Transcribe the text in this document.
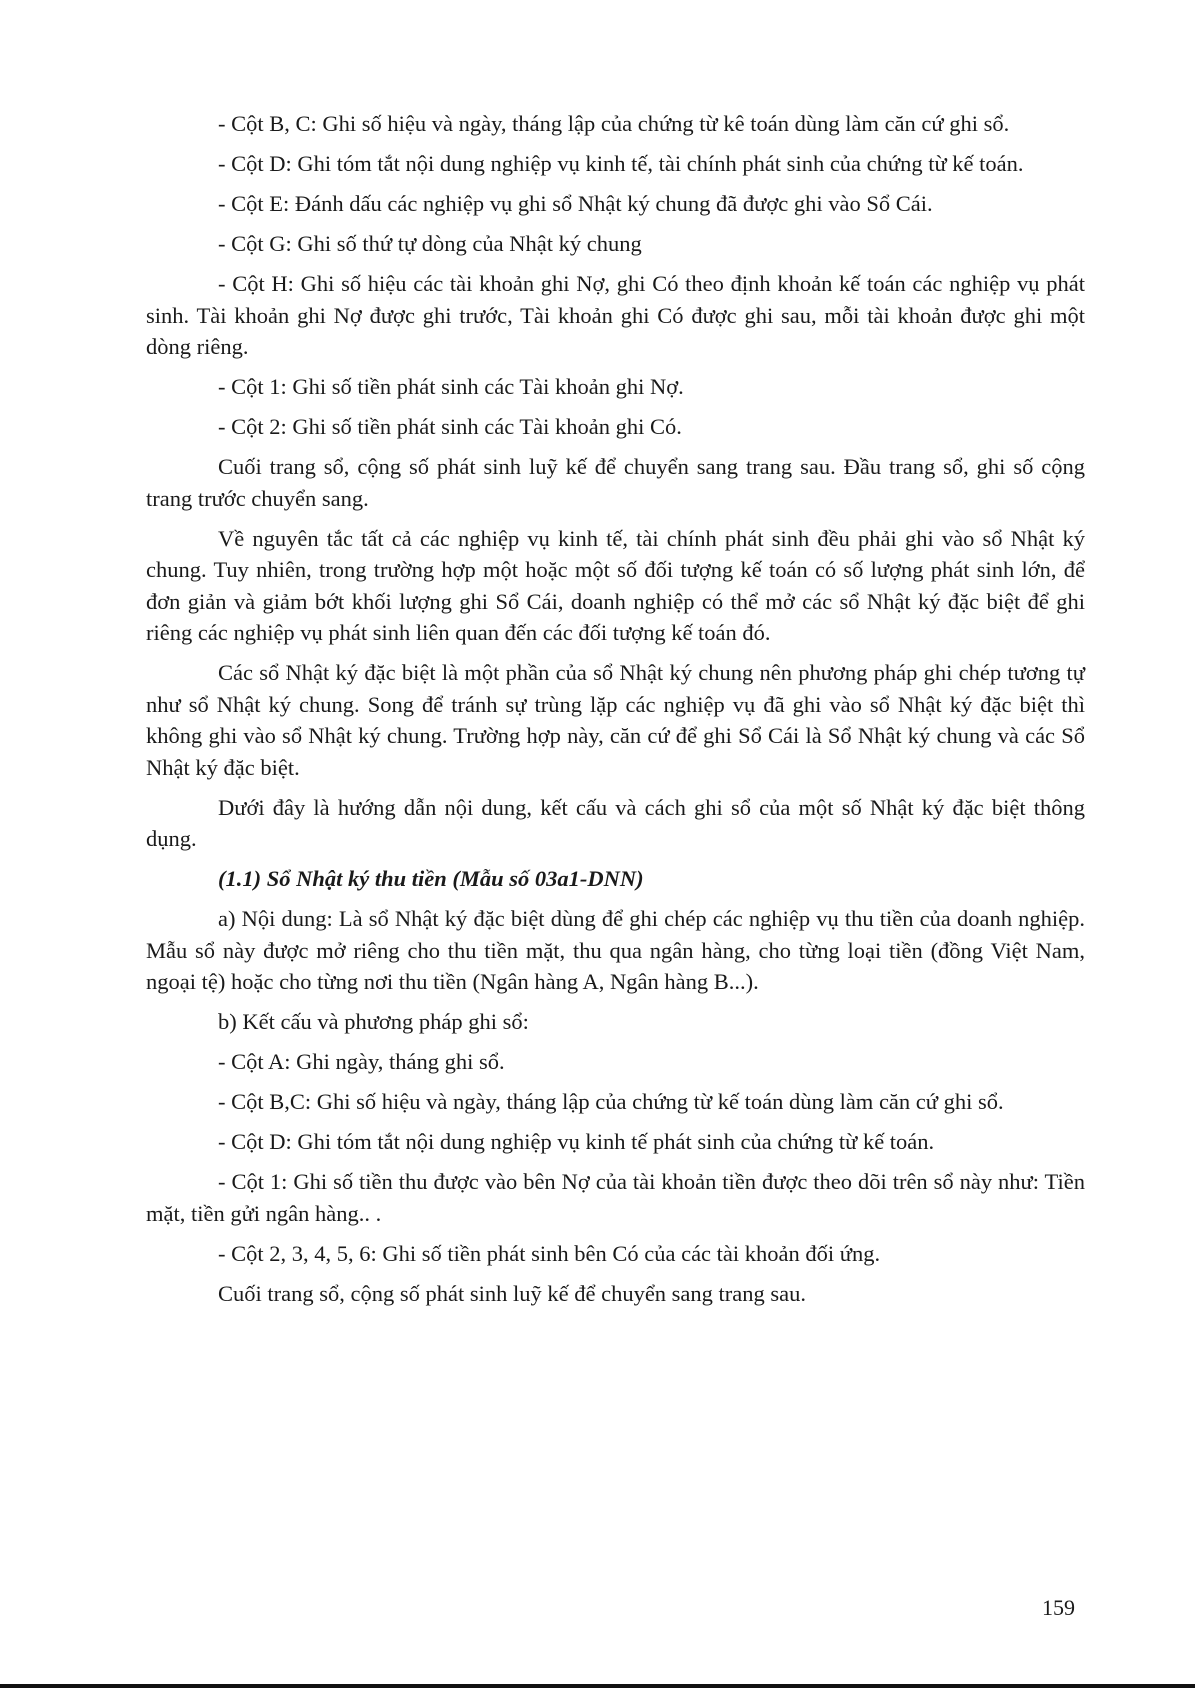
- Cột B, C: Ghi số hiệu và ngày, tháng lập của chứng từ kê toán dùng làm căn cứ ghi sổ.

- Cột D: Ghi tóm tắt nội dung nghiệp vụ kinh tế, tài chính phát sinh của chứng từ kế toán.

- Cột E: Đánh dấu các nghiệp vụ ghi sổ Nhật ký chung đã được ghi vào Sổ Cái.

- Cột G: Ghi số thứ tự dòng của Nhật ký chung

- Cột H: Ghi số hiệu các tài khoản ghi Nợ, ghi Có theo định khoản kế toán các nghiệp vụ phát sinh. Tài khoản ghi Nợ được ghi trước, Tài khoản ghi Có được ghi sau, mỗi tài khoản được ghi một dòng riêng.

- Cột 1: Ghi số tiền phát sinh các Tài khoản ghi Nợ.

- Cột 2: Ghi số tiền phát sinh các Tài khoản ghi Có.

Cuối trang sổ, cộng số phát sinh luỹ kế để chuyển sang trang sau. Đầu trang sổ, ghi số cộng trang trước chuyển sang.

Về nguyên tắc tất cả các nghiệp vụ kinh tế, tài chính phát sinh đều phải ghi vào sổ Nhật ký chung. Tuy nhiên, trong trường hợp một hoặc một số đối tượng kế toán có số lượng phát sinh lớn, để đơn giản và giảm bớt khối lượng ghi Sổ Cái, doanh nghiệp có thể mở các sổ Nhật ký đặc biệt để ghi riêng các nghiệp vụ phát sinh liên quan đến các đối tượng kế toán đó.

Các sổ Nhật ký đặc biệt là một phần của sổ Nhật ký chung nên phương pháp ghi chép tương tự như sổ Nhật ký chung. Song để tránh sự trùng lặp các nghiệp vụ đã ghi vào sổ Nhật ký đặc biệt thì không ghi vào sổ Nhật ký chung. Trường hợp này, căn cứ để ghi Sổ Cái là Sổ Nhật ký chung và các Sổ Nhật ký đặc biệt.

Dưới đây là hướng dẫn nội dung, kết cấu và cách ghi sổ của một số Nhật ký đặc biệt thông dụng.

(1.1) Sổ Nhật ký thu tiền (Mẫu số 03a1-DNN)

a) Nội dung: Là sổ Nhật ký đặc biệt dùng để ghi chép các nghiệp vụ thu tiền của doanh nghiệp. Mẫu sổ này được mở riêng cho thu tiền mặt, thu qua ngân hàng, cho từng loại tiền (đồng Việt Nam, ngoại tệ) hoặc cho từng nơi thu tiền (Ngân hàng A, Ngân hàng B...).

b) Kết cấu và phương pháp ghi sổ:

- Cột A: Ghi ngày, tháng ghi sổ.

- Cột B,C: Ghi số hiệu và ngày, tháng lập của chứng từ kế toán dùng làm căn cứ ghi sổ.

- Cột D: Ghi tóm tắt nội dung nghiệp vụ kinh tế phát sinh của chứng từ kế toán.

- Cột 1: Ghi số tiền thu được vào bên Nợ của tài khoản tiền được theo dõi trên sổ này như: Tiền mặt, tiền gửi ngân hàng.. .

- Cột 2, 3, 4, 5, 6: Ghi số tiền phát sinh bên Có của các tài khoản đối ứng.

Cuối trang sổ, cộng số phát sinh luỹ kế để chuyển sang trang sau.

159
